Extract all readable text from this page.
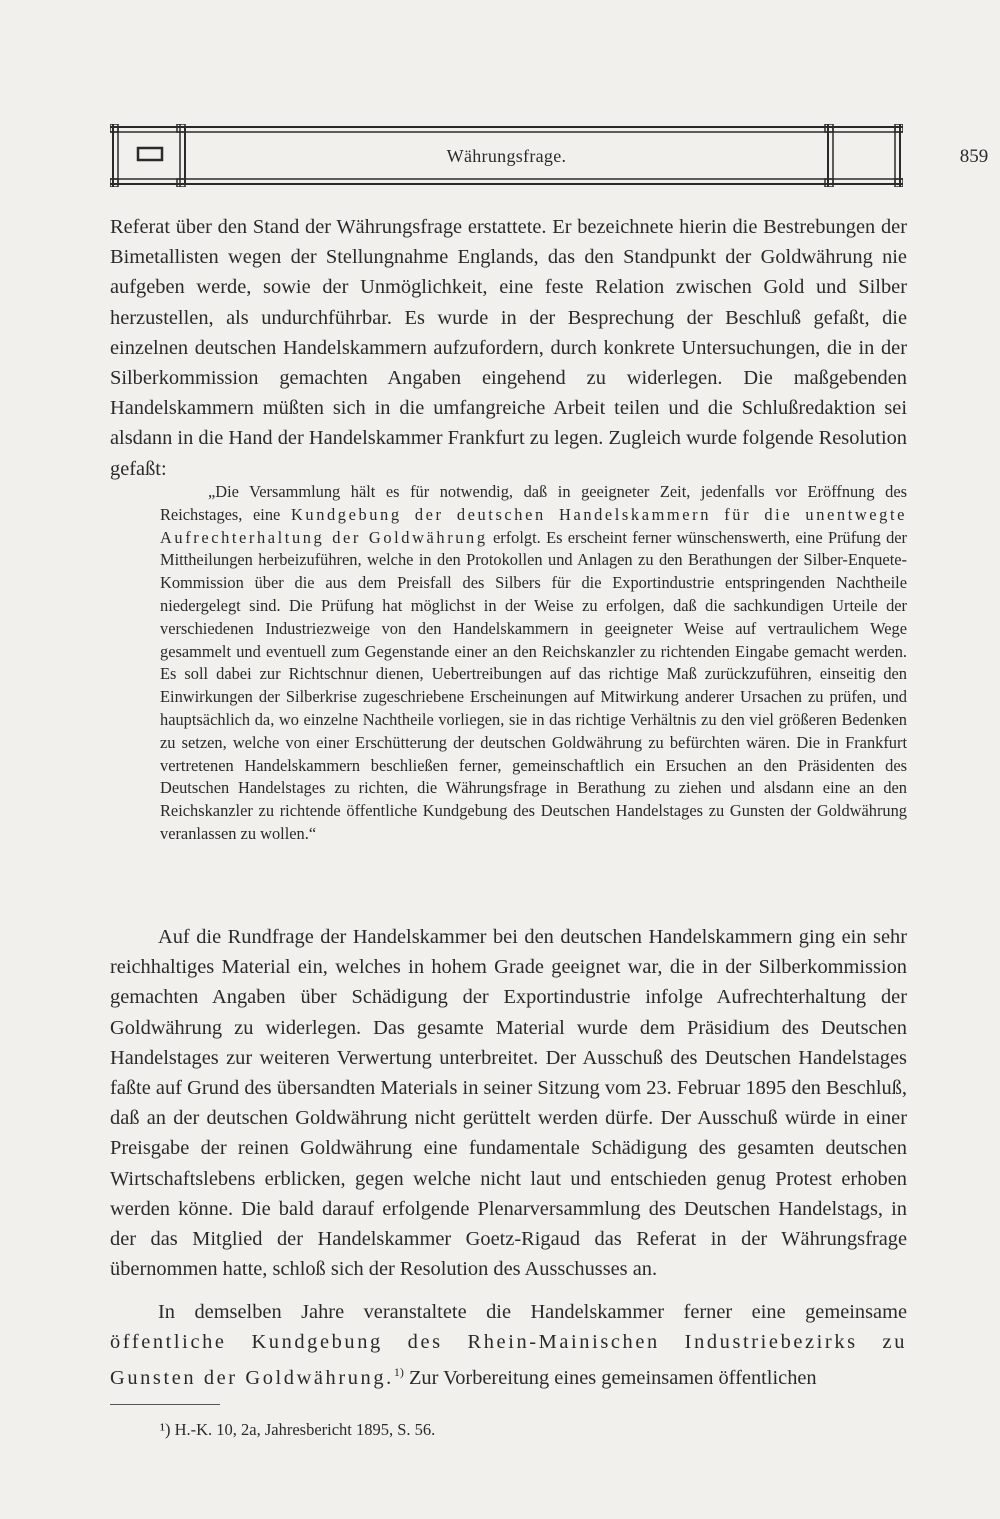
Währungsfrage.	859

Referat über den Stand der Währungsfrage erstattete. Er bezeichnete hierin die Bestrebungen der Bimetallisten wegen der Stellungnahme Englands, das den Standpunkt der Goldwährung nie aufgeben werde, sowie der Unmöglichkeit, eine feste Relation zwischen Gold und Silber herzustellen, als undurchführbar. Es wurde in der Besprechung der Beschluß gefaßt, die einzelnen deutschen Handelskammern aufzufordern, durch konkrete Untersuchungen, die in der Silberkommission gemachten Angaben eingehend zu widerlegen. Die maßgebenden Handelskammern müßten sich in die umfangreiche Arbeit teilen und die Schlußredaktion sei alsdann in die Hand der Handelskammer Frankfurt zu legen. Zugleich wurde folgende Resolution gefaßt:

„Die Versammlung hält es für notwendig, daß in geeigneter Zeit, jedenfalls vor Eröffnung des Reichstages, eine Kundgebung der deutschen Handelskammern für die unentwegte Aufrechterhaltung der Goldwährung erfolgt. Es erscheint ferner wünschenswerth, eine Prüfung der Mittheilungen herbeizuführen, welche in den Protokollen und Anlagen zu den Berathungen der Silber-Enquete-Kommission über die aus dem Preisfall des Silbers für die Exportindustrie entspringenden Nachtheile niedergelegt sind. Die Prüfung hat möglichst in der Weise zu erfolgen, daß die sachkundigen Urteile der verschiedenen Industriezweige von den Handelskammern in geeigneter Weise auf vertraulichem Wege gesammelt und eventuell zum Gegenstande einer an den Reichskanzler zu richtenden Eingabe gemacht werden. Es soll dabei zur Richtschnur dienen, Uebertreibungen auf das richtige Maß zurückzuführen, einseitig den Einwirkungen der Silberkrise zugeschriebene Erscheinungen auf Mitwirkung anderer Ursachen zu prüfen, und hauptsächlich da, wo einzelne Nachtheile vorliegen, sie in das richtige Verhältnis zu den viel größeren Bedenken zu setzen, welche von einer Erschütterung der deutschen Goldwährung zu befürchten wären. Die in Frankfurt vertretenen Handelskammern beschließen ferner, gemeinschaftlich ein Ersuchen an den Präsidenten des Deutschen Handelstages zu richten, die Währungsfrage in Berathung zu ziehen und alsdann eine an den Reichskanzler zu richtende öffentliche Kundgebung des Deutschen Handelstages zu Gunsten der Goldwährung veranlassen zu wollen.“

Auf die Rundfrage der Handelskammer bei den deutschen Handelskammern ging ein sehr reichhaltiges Material ein, welches in hohem Grade geeignet war, die in der Silberkommission gemachten Angaben über Schädigung der Exportindustrie infolge Aufrechterhaltung der Goldwährung zu widerlegen. Das gesamte Material wurde dem Präsidium des Deutschen Handelstages zur weiteren Verwertung unterbreitet. Der Ausschuß des Deutschen Handelstages faßte auf Grund des übersandten Materials in seiner Sitzung vom 23. Februar 1895 den Beschluß, daß an der deutschen Goldwährung nicht gerüttelt werden dürfe. Der Ausschuß würde in einer Preisgabe der reinen Goldwährung eine fundamentale Schädigung des gesamten deutschen Wirtschaftslebens erblicken, gegen welche nicht laut und entschieden genug Protest erhoben werden könne. Die bald darauf erfolgende Plenarversammlung des Deutschen Handelstags, in der das Mitglied der Handelskammer Goetz-Rigaud das Referat in der Währungsfrage übernommen hatte, schloß sich der Resolution des Ausschusses an.

In demselben Jahre veranstaltete die Handelskammer ferner eine gemeinsame öffentliche Kundgebung des Rhein-Mainischen Industriebezirks zu Gunsten der Goldwährung.$^{1)}$ Zur Vorbereitung eines gemeinsamen öffentlichen

¹) H.-K. 10, 2a, Jahresbericht 1895, S. 56.
